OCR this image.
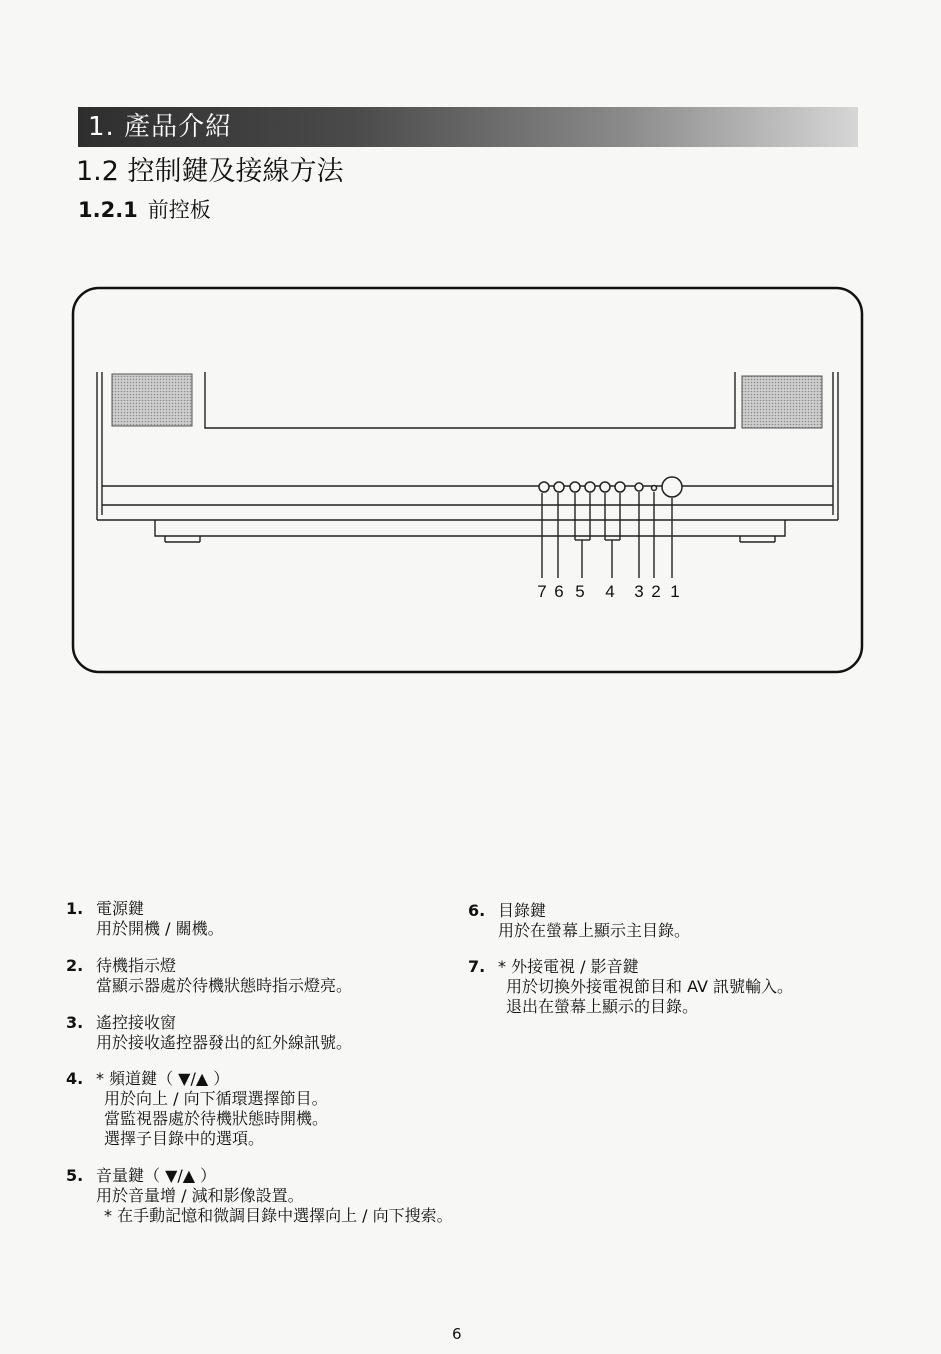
1. 產品介紹
1.2 控制鍵及接線方法
1.2.1 前控板
7 6 5 4 3 2 1
1. 電源鍵
用於開機 / 關機。
2. 待機指示燈
當顯示器處於待機狀態時指示燈亮。
3. 遙控接收窗
用於接收遙控器發出的紅外線訊號。
4. * 頻道鍵（ ▼/▲ ）
用於向上 / 向下循環選擇節目。
當監視器處於待機狀態時開機。
選擇子目錄中的選項。
5. 音量鍵（ ▼/▲ ）
用於音量增 / 減和影像設置。
* 在手動記憶和微調目錄中選擇向上 / 向下搜索。
6. 目錄鍵
用於在螢幕上顯示主目錄。
7. * 外接電視 / 影音鍵
用於切換外接電視節目和 AV 訊號輸入。
退出在螢幕上顯示的目錄。
6
